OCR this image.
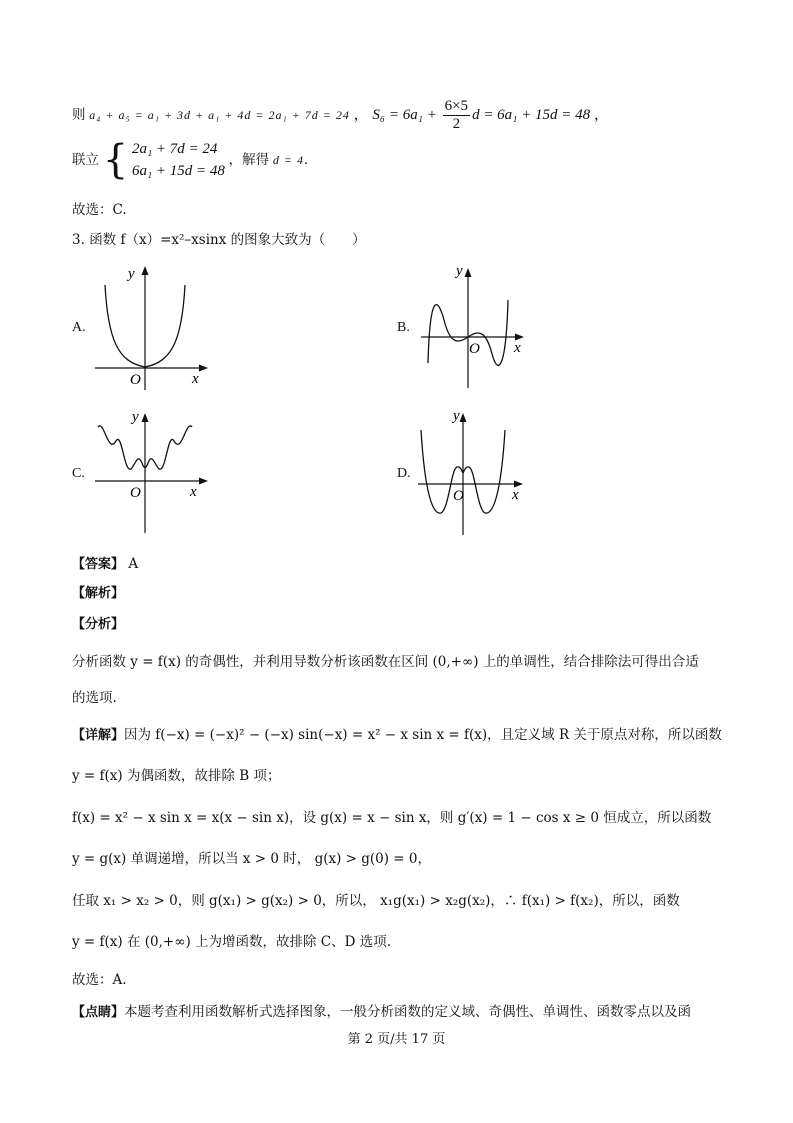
则 a₄ + a₅ = a₁ + 3d + a₁ + 4d = 2a₁ + 7d = 24 ， $S_6 = 6a_1 + \frac{6\times 5}{2}$ d = 6a₁ + 15d = 48 ，
联立 { 2a₁ + 7d = 24
6a₁ + 15d = 48
，解得 d = 4.
故选：C.
3. 函数 f（x）=x²–xsinx 的图象大致为（　　）
A.	B.
C.	D.
y
x
O
y
x
O
y
x
O
y
x
O
【答案】 A
【解析】
【分析】
分析函数 y = f(x) 的奇偶性，并利用导数分析该函数在区间 (0,+∞) 上的单调性，结合排除法可得出合适
的选项.
【详解】因为 f(−x) = (−x)² − (−x) sin(−x) = x² − x sin x = f(x)，且定义域 R 关于原点对称，所以函数
y = f(x) 为偶函数，故排除 B 项；
f(x) = x² − x sin x = x(x − sin x)，设 g(x) = x − sin x，则 g′(x) = 1 − cos x ≥ 0 恒成立，所以函数
y = g(x) 单调递增，所以当 x > 0 时， g(x) > g(0) = 0，
任取 x₁ > x₂ > 0，则 g(x₁) > g(x₂) > 0，所以， x₁g(x₁) > x₂g(x₂)，∴ f(x₁) > f(x₂)，所以，函数
y = f(x) 在 (0,+∞) 上为增函数，故排除 C、D 选项.
故选：A.
【点睛】本题考查利用函数解析式选择图象，一般分析函数的定义域、奇偶性、单调性、函数零点以及函
第 2 页/共 17 页
